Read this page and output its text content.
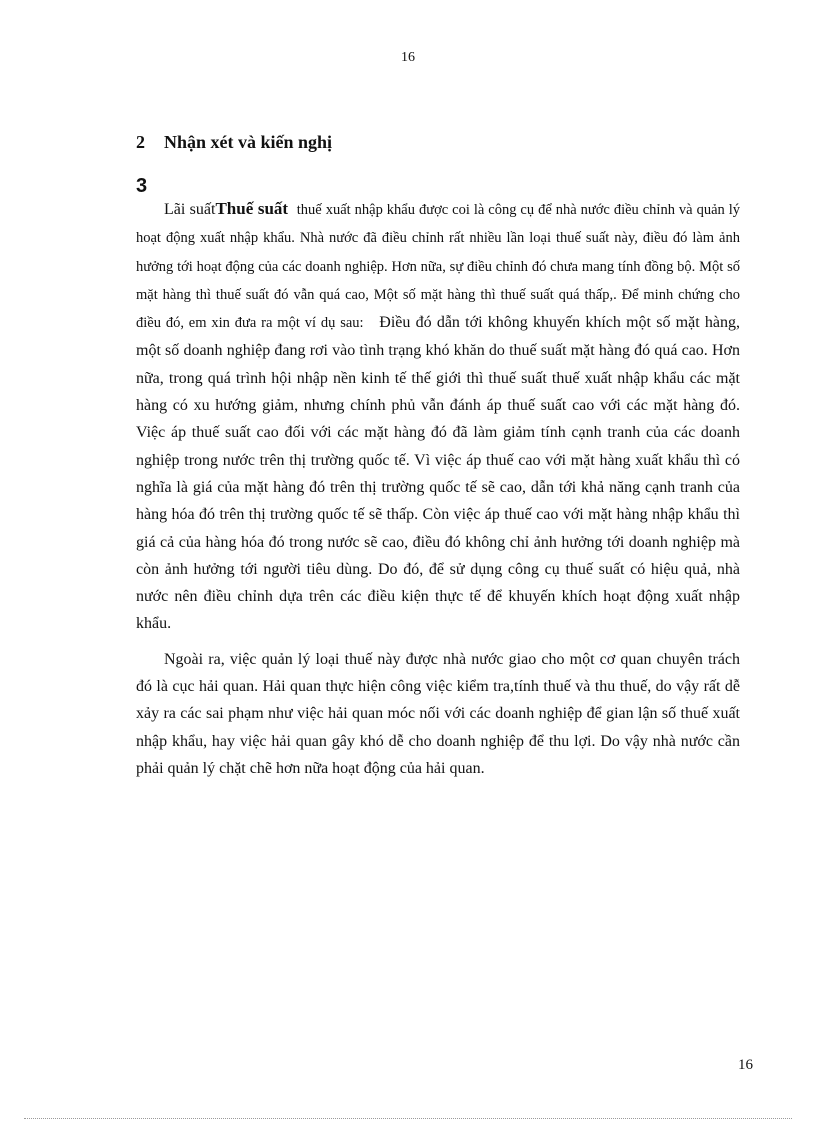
16
2 Nhận xét và kiến nghị
3

Lãi suấtThuế suất thuế xuất nhập khẩu được coi là công cụ để nhà nước điều chỉnh và quản lý hoạt động xuất nhập khẩu. Nhà nước đã điều chỉnh rất nhiều lần loại thuế suất này, điều đó làm ảnh hưởng tới hoạt động của các doanh nghiệp. Hơn nữa, sự điều chỉnh đó chưa mang tính đồng bộ. Một số mặt hàng thì thuế suất đó vẫn quá cao, Một số mặt hàng thì thuế suất quá thấp,. Để minh chứng cho điều đó, em xin đưa ra một ví dụ sau: Điều đó dẫn tới không khuyến khích một số mặt hàng, một số doanh nghiệp đang rơi vào tình trạng khó khăn do thuế suất mặt hàng đó quá cao. Hơn nữa, trong quá trình hội nhập nền kinh tế thế giới thì thuế suất thuế xuất nhập khẩu các mặt hàng có xu hướng giảm, nhưng chính phủ vẫn đánh áp thuế suất cao với các mặt hàng đó. Việc áp thuế suất cao đối với các mặt hàng đó đã làm giảm tính cạnh tranh của các doanh nghiệp trong nước trên thị trường quốc tế. Vì việc áp thuế cao với mặt hàng xuất khẩu thì có nghĩa là giá của mặt hàng đó trên thị trường quốc tế sẽ cao, dẫn tới khả năng cạnh tranh của hàng hóa đó trên thị trường quốc tế sẽ thấp. Còn việc áp thuế cao với mặt hàng nhập khẩu thì giá cả của hàng hóa đó trong nước sẽ cao, điều đó không chỉ ảnh hưởng tới doanh nghiệp mà còn ảnh hưởng tới người tiêu dùng. Do đó, để sử dụng công cụ thuế suất có hiệu quả, nhà nước nên điều chỉnh dựa trên các điều kiện thực tế để khuyến khích hoạt động xuất nhập khẩu.

Ngoài ra, việc quản lý loại thuế này được nhà nước giao cho một cơ quan chuyên trách đó là cục hải quan. Hải quan thực hiện công việc kiểm tra,tính thuế và thu thuế, do vậy rất dễ xảy ra các sai phạm như việc hải quan móc nối với các doanh nghiệp để gian lận số thuế xuất nhập khẩu, hay việc hải quan gây khó dễ cho doanh nghiệp để thu lợi. Do vậy nhà nước cần phải quản lý chặt chẽ hơn nữa hoạt động của hải quan.

16
